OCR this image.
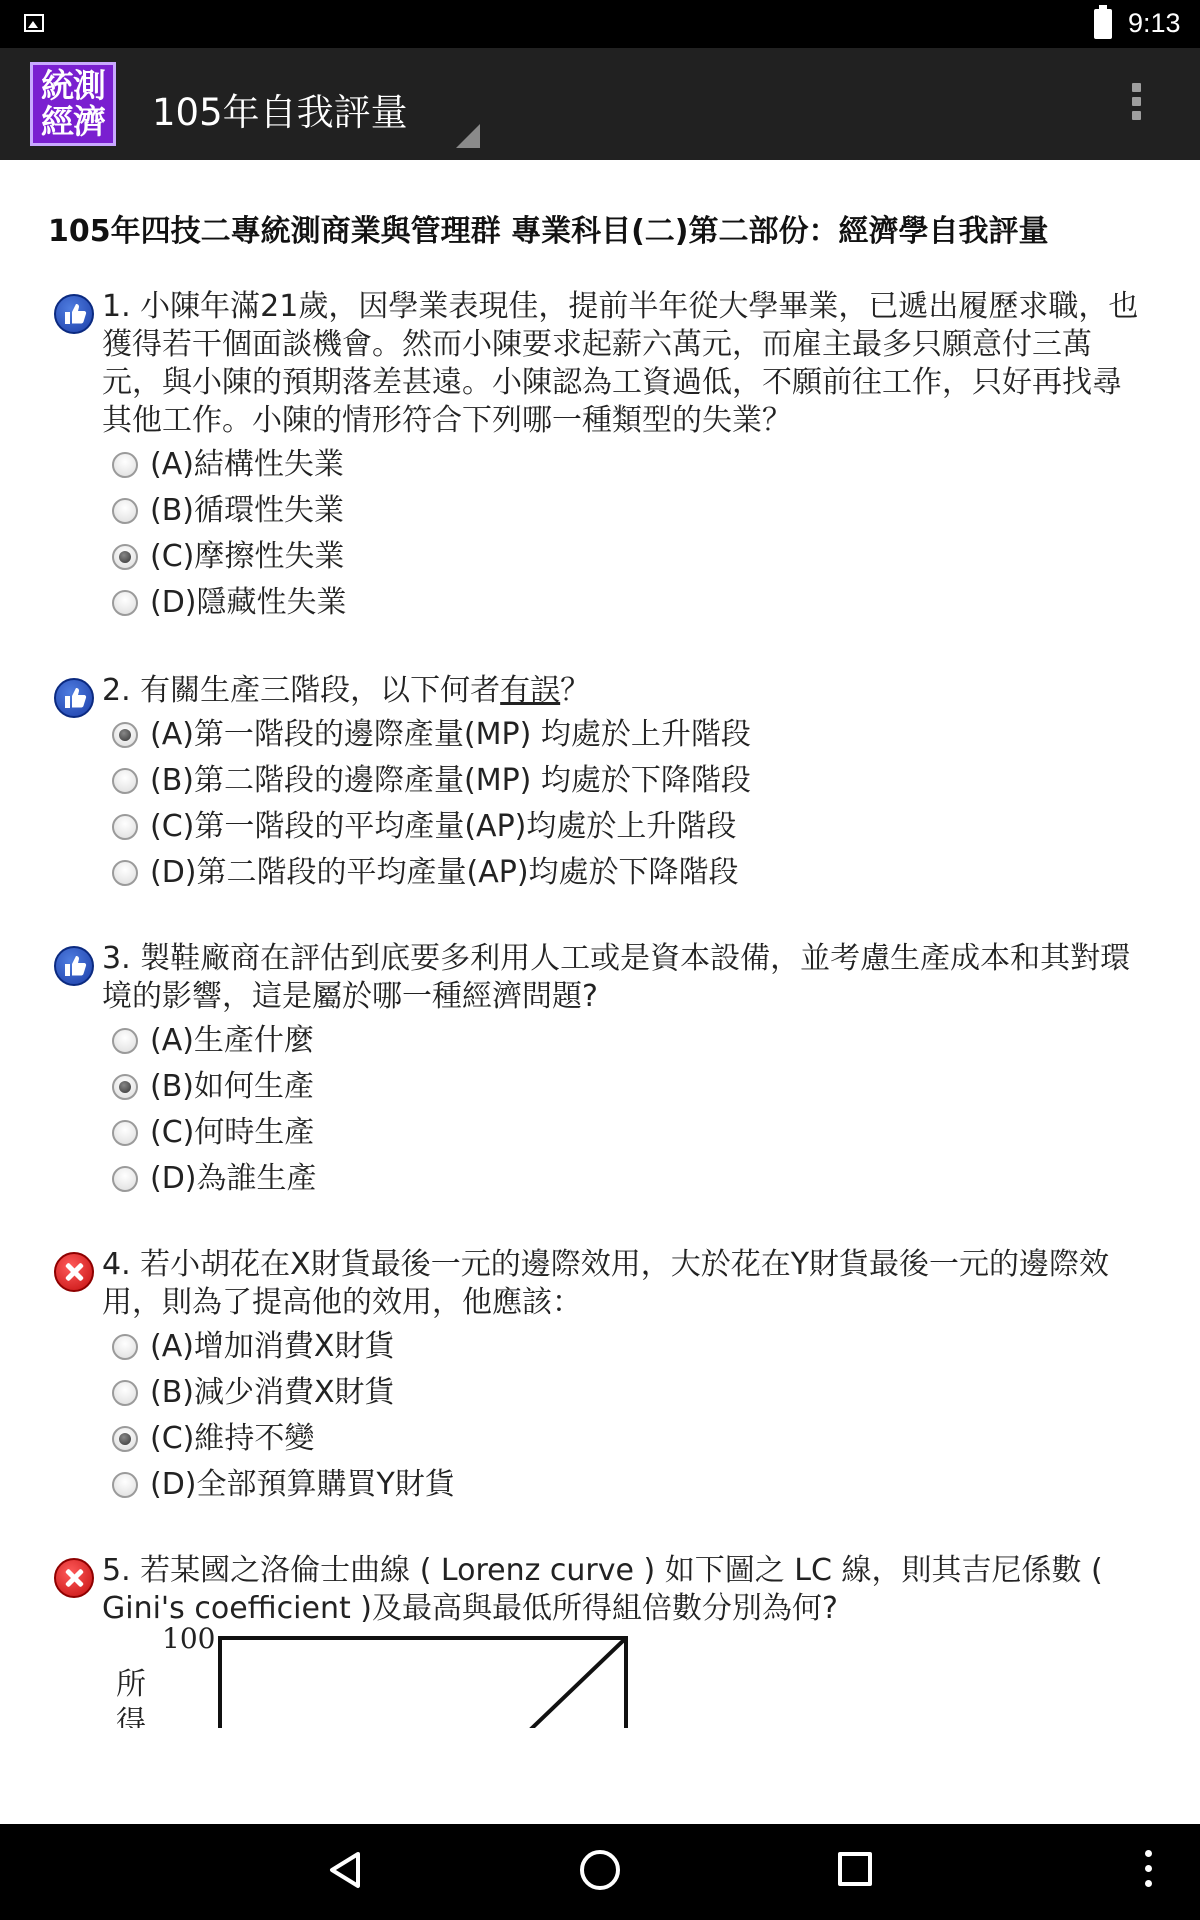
9:13
統測
經濟 105年自我評量
105年四技二專統測商業與管理群 專業科目(二)第二部份：經濟學自我評量
1. 小陳年滿21歲，因學業表現佳，提前半年從大學畢業，已遞出履歷求職，也獲得若干個面談機會。然而小陳要求起薪六萬元，而雇主最多只願意付三萬元，與小陳的預期落差甚遠。小陳認為工資過低，不願前往工作，只好再找尋其他工作。小陳的情形符合下列哪一種類型的失業？
(A)結構性失業
(B)循環性失業
(C)摩擦性失業
(D)隱藏性失業
2. 有關生產三階段，以下何者有誤？
(A)第一階段的邊際產量(MP) 均處於上升階段
(B)第二階段的邊際產量(MP) 均處於下降階段
(C)第一階段的平均產量(AP)均處於上升階段
(D)第二階段的平均產量(AP)均處於下降階段
3. 製鞋廠商在評估到底要多利用人工或是資本設備，並考慮生產成本和其對環境的影響，這是屬於哪一種經濟問題?
(A)生產什麼
(B)如何生產
(C)何時生產
(D)為誰生產
4. 若小胡花在X財貨最後一元的邊際效用，大於花在Y財貨最後一元的邊際效用，則為了提高他的效用，他應該：
(A)增加消費X財貨
(B)減少消費X財貨
(C)維持不變
(D)全部預算購買Y財貨
5. 若某國之洛倫士曲線 ( Lorenz curve ) 如下圖之 LC 線，則其吉尼係數 ( Gini's coefficient )及最高與最低所得組倍數分別為何?
100
所
得
